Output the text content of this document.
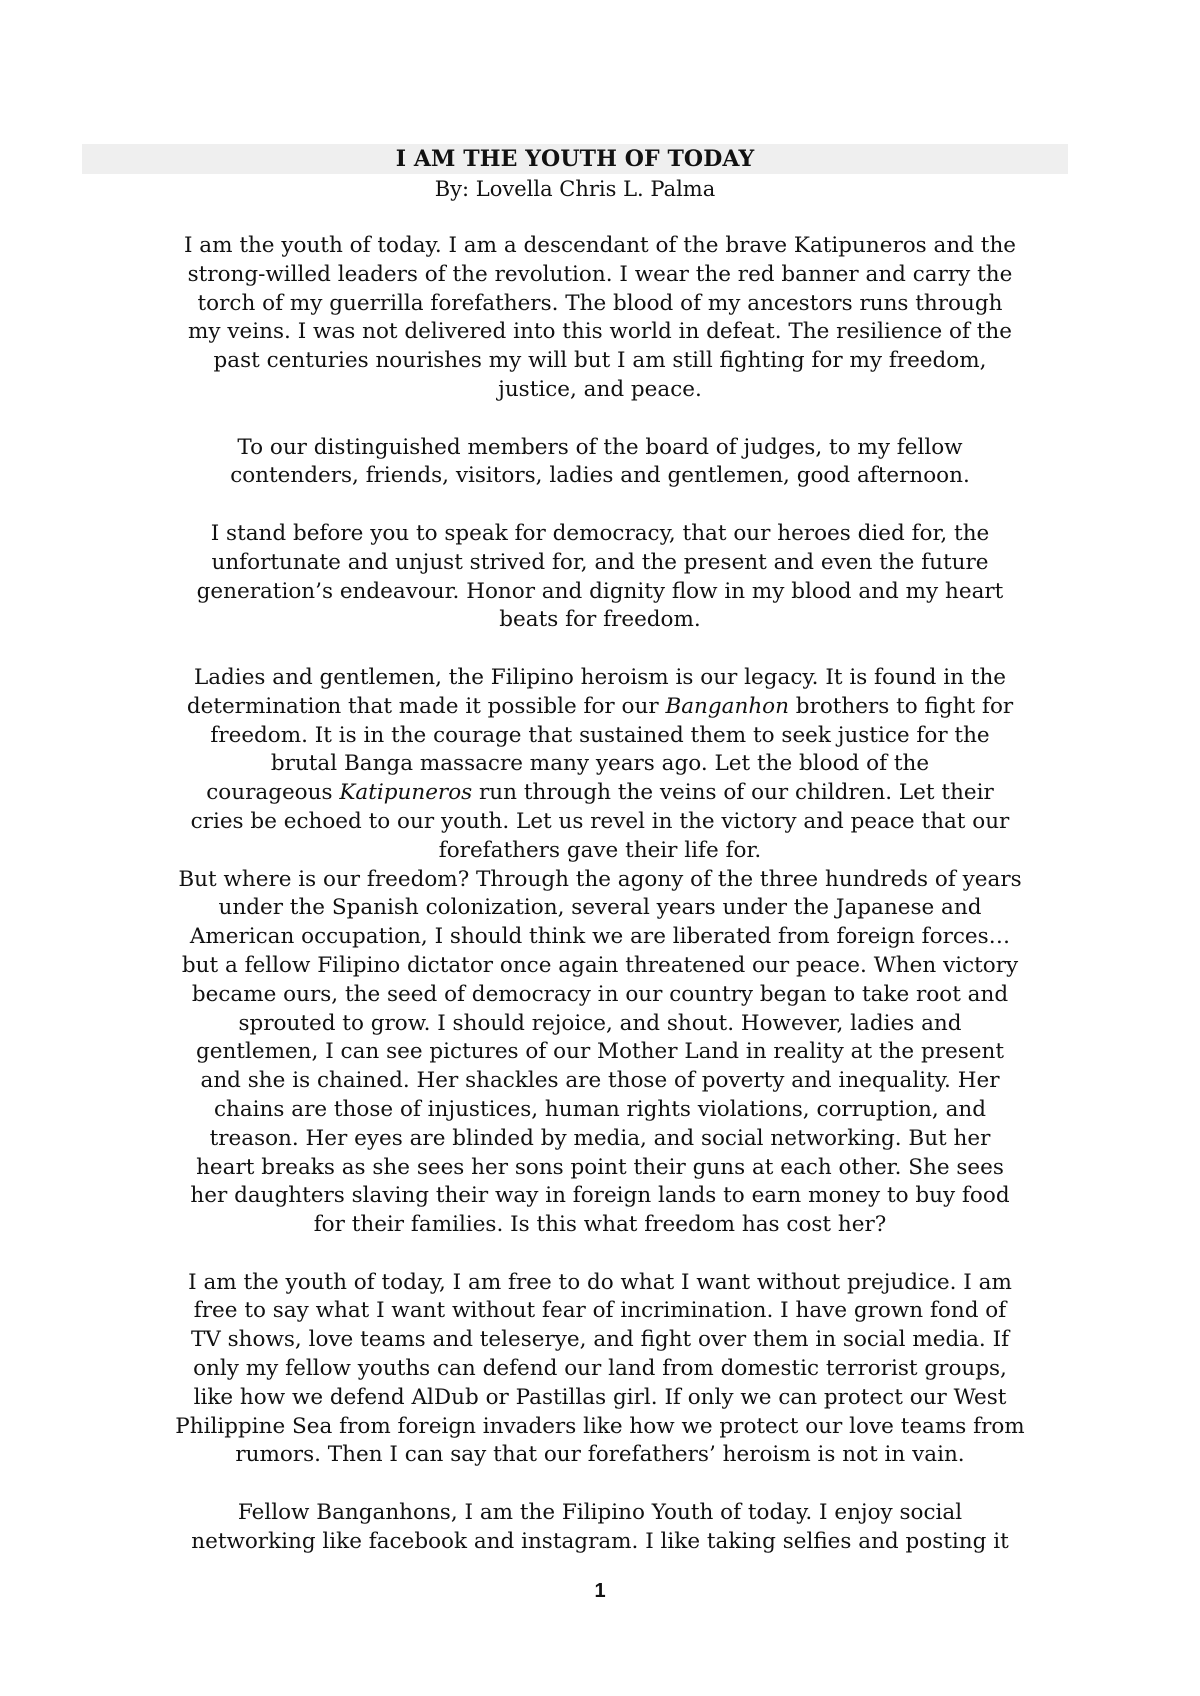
I AM THE YOUTH OF TODAY
By: Lovella Chris L. Palma

I am the youth of today. I am a descendant of the brave Katipuneros and the
strong-willed leaders of the revolution. I wear the red banner and carry the
torch of my guerrilla forefathers. The blood of my ancestors runs through
my veins. I was not delivered into this world in defeat. The resilience of the
past centuries nourishes my will but I am still fighting for my freedom,
justice, and peace.

To our distinguished members of the board of judges, to my fellow
contenders, friends, visitors, ladies and gentlemen, good afternoon.

I stand before you to speak for democracy, that our heroes died for, the
unfortunate and unjust strived for, and the present and even the future
generation’s endeavour. Honor and dignity flow in my blood and my heart
beats for freedom.

Ladies and gentlemen, the Filipino heroism is our legacy. It is found in the
determination that made it possible for our Banganhon brothers to fight for
freedom. It is in the courage that sustained them to seek justice for the
brutal Banga massacre many years ago. Let the blood of the
courageous Katipuneros run through the veins of our children. Let their
cries be echoed to our youth. Let us revel in the victory and peace that our
forefathers gave their life for.

But where is our freedom? Through the agony of the three hundreds of years
under the Spanish colonization, several years under the Japanese and
American occupation, I should think we are liberated from foreign forces…
but a fellow Filipino dictator once again threatened our peace. When victory
became ours, the seed of democracy in our country began to take root and
sprouted to grow. I should rejoice, and shout. However, ladies and
gentlemen, I can see pictures of our Mother Land in reality at the present
and she is chained. Her shackles are those of poverty and inequality. Her
chains are those of injustices, human rights violations, corruption, and
treason. Her eyes are blinded by media, and social networking. But her
heart breaks as she sees her sons point their guns at each other. She sees
her daughters slaving their way in foreign lands to earn money to buy food
for their families. Is this what freedom has cost her?

I am the youth of today, I am free to do what I want without prejudice. I am
free to say what I want without fear of incrimination. I have grown fond of
TV shows, love teams and teleserye, and fight over them in social media. If
only my fellow youths can defend our land from domestic terrorist groups,
like how we defend AlDub or Pastillas girl. If only we can protect our West
Philippine Sea from foreign invaders like how we protect our love teams from
rumors. Then I can say that our forefathers’ heroism is not in vain.

Fellow Banganhons, I am the Filipino Youth of today. I enjoy social
networking like facebook and instagram. I like taking selfies and posting it

1
